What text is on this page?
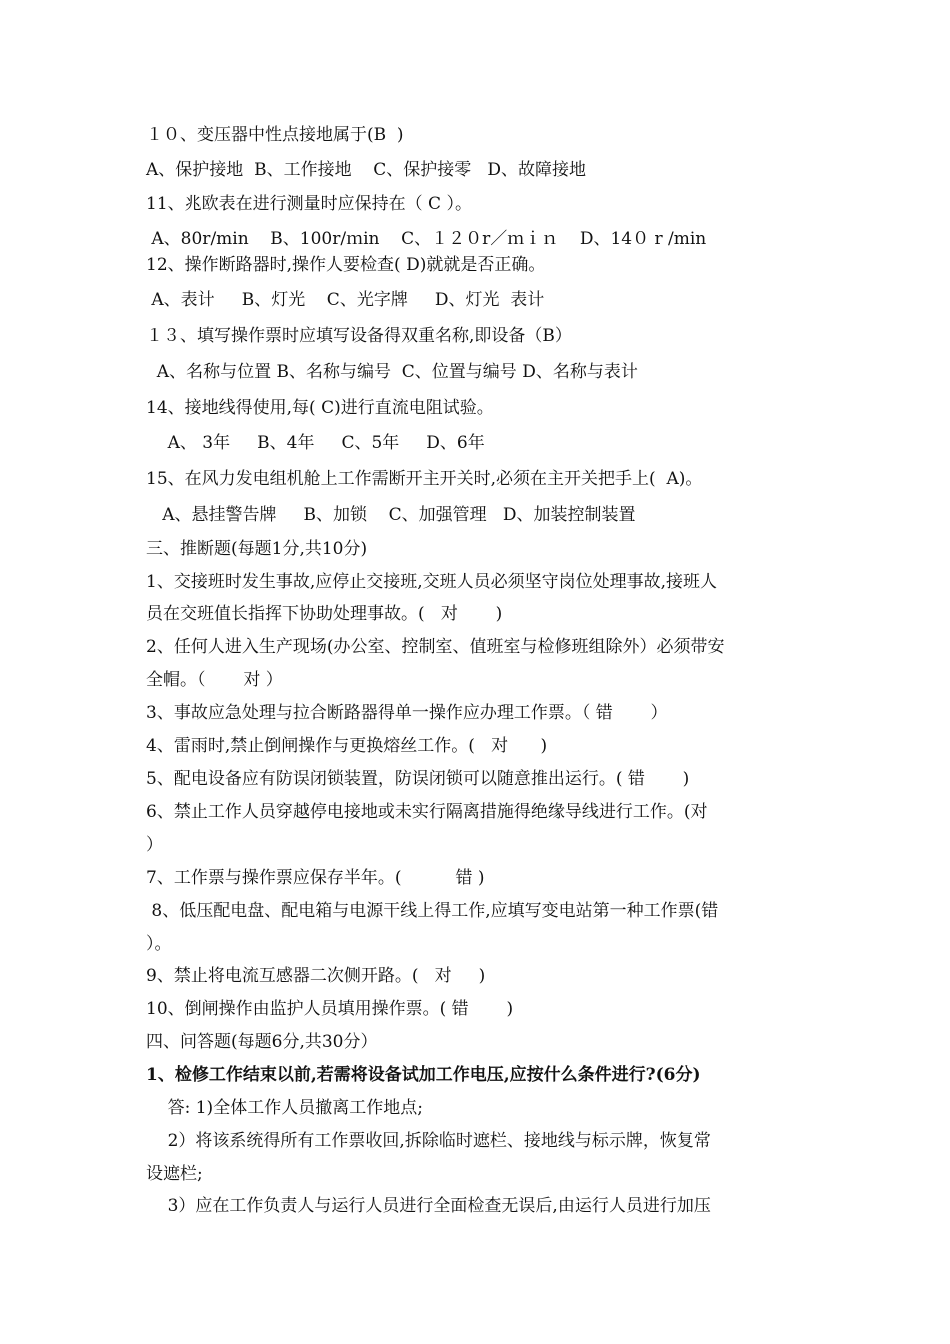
１０、变压器中性点接地属于(B  )
A、保护接地  B、工作接地    C、保护接零   D、故障接地
11、兆欧表在进行测量时应保持在（ C ）。
A、80r/min    B、100r/ｍin    C、１２０r／ｍｉｎ    D、14０ r /min
12、操作断路器时,操作人要检查( D)就就是否正确。
A、表计     B、灯光    C、光字牌     D、灯光  表计
１３、填写操作票时应填写设备得双重名称,即设备（B）
A、名称与位置 B、名称与编号  C、位置与编号 D、名称与表计
14、接地线得使用,每( C)进行直流电阻试验。
A、 3年     B、4年     C、5年     D、6年
15、在风力发电组机舱上工作需断开主开关时,必须在主开关把手上(  A)。
A、悬挂警告牌     B、加锁    C、加强管理   D、加装控制装置
三、推断题(每题1分,共10分)
1、交接班时发生事故,应停止交接班,交班人员必须坚守岗位处理事故,接班人
员在交班值长指挥下协助处理事故。(   对       )
2、任何人进入生产现场(办公室、控制室、值班室与检修班组除外）必须带安
全帽。（       对 ）
3、事故应急处理与拉合断路器得单一操作应办理工作票。（ 错       ）
4、雷雨时,禁止倒闸操作与更换熔丝工作。(   对      )
5、配电设备应有防误闭锁装置，防误闭锁可以随意推出运行。( 错       )
6、禁止工作人员穿越停电接地或未实行隔离措施得绝缘导线进行工作。(对
）
7、工作票与操作票应保存半年。(          错 )
8、低压配电盘、配电箱与电源干线上得工作,应填写变电站第一种工作票(错
）。
9、禁止将电流互感器二次侧开路。(   对     )
10、倒闸操作由监护人员填用操作票。( 错       )
四、问答题(每题6分,共30分）
1、检修工作结束以前,若需将设备试加工作电压,应按什么条件进行?(6分)
答: 1)全体工作人员撤离工作地点;
2）将该系统得所有工作票收回,拆除临时遮栏、接地线与标示牌，恢复常
设遮栏;
3）应在工作负责人与运行人员进行全面检查无误后,由运行人员进行加压
